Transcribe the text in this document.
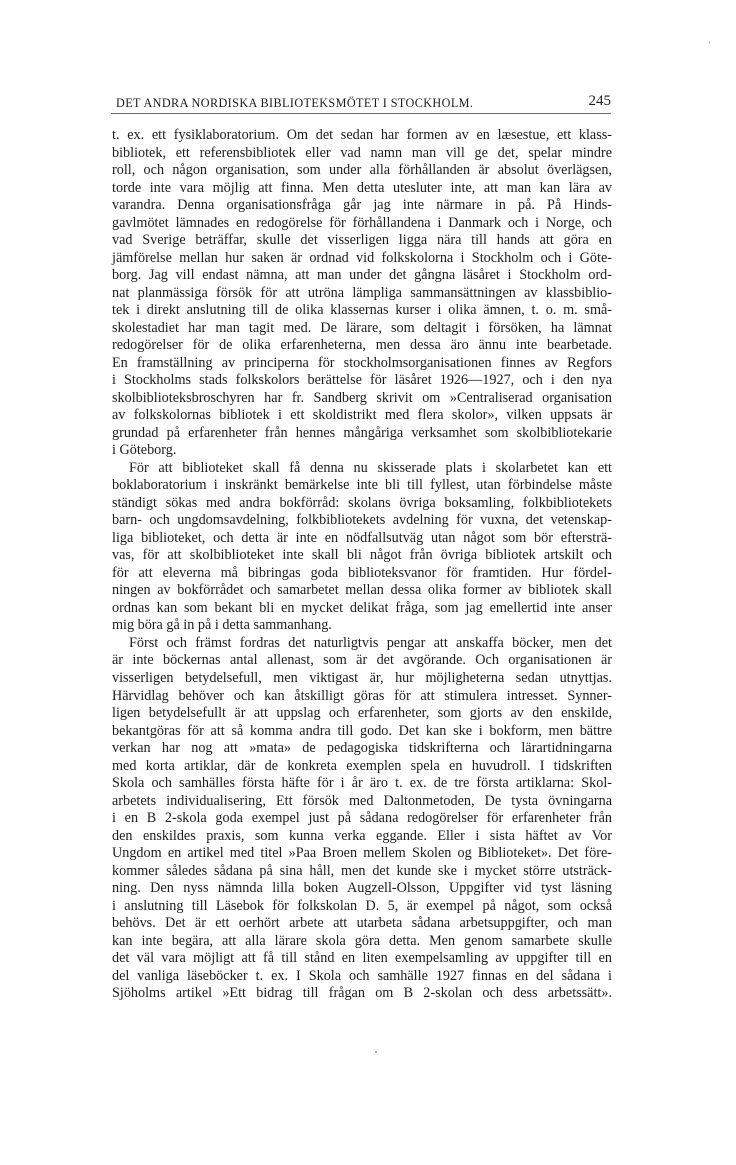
'
DET ANDRA NORDISKA BIBLIOTEKSMÖTET I STOCKHOLM.	245
t. ex. ett fysiklaboratorium. Om det sedan har formen av en læsestue, ett klass-
bibliotek, ett referensbibliotek eller vad namn man vill ge det, spelar mindre
roll, och någon organisation, som under alla förhållanden är absolut överlägsen,
torde inte vara möjlig att finna. Men detta utesluter inte, att man kan lära av
varandra. Denna organisationsfråga går jag inte närmare in på. På Hinds-
gavlmötet lämnades en redogörelse för förhållandena i Danmark och i Norge, och
vad Sverige beträffar, skulle det visserligen ligga nära till hands att göra en
jämförelse mellan hur saken är ordnad vid folkskolorna i Stockholm och i Göte-
borg. Jag vill endast nämna, att man under det gångna läsåret i Stockholm ord-
nat planmässiga försök för att utröna lämpliga sammansättningen av klassbiblio-
tek i direkt anslutning till de olika klassernas kurser i olika ämnen, t. o. m. små-
skolestadiet har man tagit med. De lärare, som deltagit i försöken, ha lämnat
redogörelser för de olika erfarenheterna, men dessa äro ännu inte bearbetade.
En framställning av principerna för stockholmsorganisationen finnes av Regfors
i Stockholms stads folkskolors berättelse för läsåret 1926—1927, och i den nya
skolbiblioteksbroschyren har fr. Sandberg skrivit om »Centraliserad organisation
av folkskolornas bibliotek i ett skoldistrikt med flera skolor», vilken uppsats är
grundad på erfarenheter från hennes mångåriga verksamhet som skolbibliotekarie
i Göteborg.
För att biblioteket skall få denna nu skisserade plats i skolarbetet kan ett
boklaboratorium i inskränkt bemärkelse inte bli till fyllest, utan förbindelse måste
ständigt sökas med andra bokförråd: skolans övriga boksamling, folkbibliotekets
barn- och ungdomsavdelning, folkbibliotekets avdelning för vuxna, det vetenskap-
liga biblioteket, och detta är inte en nödfallsutväg utan något som bör eftersträ-
vas, för att skolbiblioteket inte skall bli något från övriga bibliotek artskilt och
för att eleverna må bibringas goda biblioteksvanor för framtiden. Hur fördel-
ningen av bokförrådet och samarbetet mellan dessa olika former av bibliotek skall
ordnas kan som bekant bli en mycket delikat fråga, som jag emellertid inte anser
mig böra gå in på i detta sammanhang.
Först och främst fordras det naturligtvis pengar att anskaffa böcker, men det
är inte böckernas antal allenast, som är det avgörande. Och organisationen är
visserligen betydelsefull, men viktigast är, hur möjligheterna sedan utnyttjas.
Härvidlag behöver och kan åtskilligt göras för att stimulera intresset. Synner-
ligen betydelsefullt är att uppslag och erfarenheter, som gjorts av den enskilde,
bekantgöras för att så komma andra till godo. Det kan ske i bokform, men bättre
verkan har nog att »mata» de pedagogiska tidskrifterna och lärartidningarna
med korta artiklar, där de konkreta exemplen spela en huvudroll. I tidskriften
Skola och samhälles första häfte för i år äro t. ex. de tre första artiklarna: Skol-
arbetets individualisering, Ett försök med Daltonmetoden, De tysta övningarna
i en B 2-skola goda exempel just på sådana redogörelser för erfarenheter från
den enskildes praxis, som kunna verka eggande. Eller i sista häftet av Vor
Ungdom en artikel med titel »Paa Broen mellem Skolen og Biblioteket». Det före-
kommer således sådana på sina håll, men det kunde ske i mycket större utsträck-
ning. Den nyss nämnda lilla boken Augzell-Olsson, Uppgifter vid tyst läsning
i anslutning till Läsebok för folkskolan D. 5, är exempel på något, som också
behövs. Det är ett oerhört arbete att utarbeta sådana arbetsuppgifter, och man
kan inte begära, att alla lärare skola göra detta. Men genom samarbete skulle
det väl vara möjligt att få till stånd en liten exempelsamling av uppgifter till en
del vanliga läseböcker t. ex. I Skola och samhälle 1927 finnas en del sådana i
Sjöholms artikel »Ett bidrag till frågan om B 2-skolan och dess arbetssätt».
